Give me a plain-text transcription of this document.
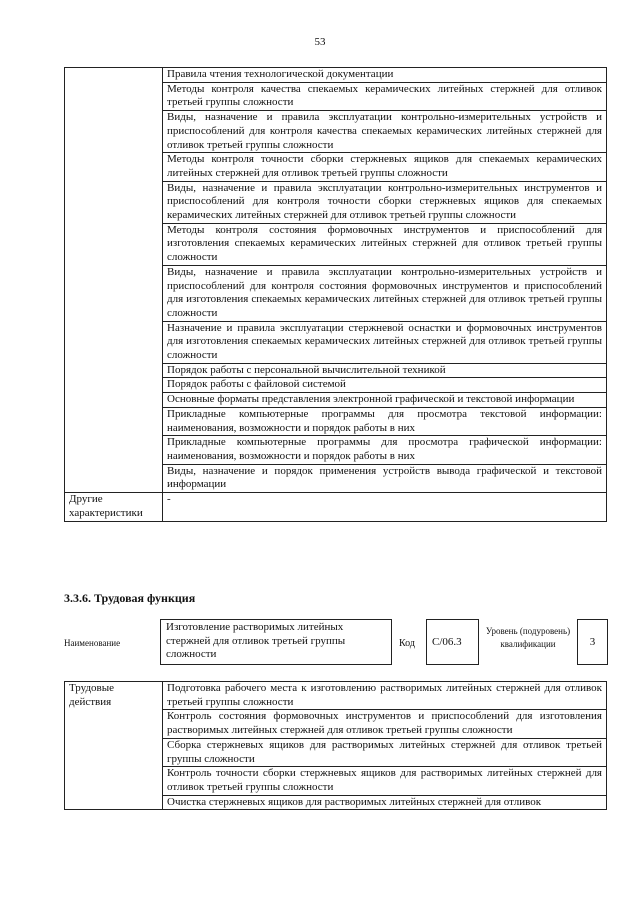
53
	Правила чтения технологической документации
	Методы контроля качества спекаемых керамических литейных стержней для отливок третьей группы сложности
	Виды, назначение и правила эксплуатации контрольно-измерительных устройств и приспособлений для контроля качества спекаемых керамических литейных стержней для отливок третьей группы сложности
	Методы контроля точности сборки стержневых ящиков для спекаемых керамических литейных стержней для отливок третьей группы сложности
	Виды, назначение и правила эксплуатации контрольно-измерительных инструментов и приспособлений для контроля точности сборки стержневых ящиков для спекаемых керамических литейных стержней для отливок третьей группы сложности
	Методы контроля состояния формовочных инструментов и приспособлений для изготовления спекаемых керамических литейных стержней для отливок третьей группы сложности
	Виды, назначение и правила эксплуатации контрольно-измерительных устройств и приспособлений для контроля состояния формовочных инструментов и приспособлений для изготовления спекаемых керамических литейных стержней для отливок третьей группы сложности
	Назначение и правила эксплуатации стержневой оснастки и формовочных инструментов для изготовления спекаемых керамических литейных стержней для отливок третьей группы сложности
	Порядок работы с персональной вычислительной техникой
	Порядок работы с файловой системой
	Основные форматы представления электронной графической и текстовой информации
	Прикладные компьютерные программы для просмотра текстовой информации: наименования, возможности и порядок работы в них
	Прикладные компьютерные программы для просмотра графической информации: наименования, возможности и порядок работы в них
	Виды, назначение и порядок применения устройств вывода графической и текстовой информации
Другие характеристики	-
3.3.6. Трудовая функция
Наименование
Изготовление растворимых литейных стержней для отливок третьей группы сложности
Код	C/06.3
Уровень (подуровень) квалификации	3
Трудовые действия	Подготовка рабочего места к изготовлению растворимых литейных стержней для отливок третьей группы сложности
Контроль состояния формовочных инструментов и приспособлений для изготовления растворимых литейных стержней для отливок третьей группы сложности
Сборка стержневых ящиков для растворимых литейных стержней для отливок третьей группы сложности
Контроль точности сборки стержневых ящиков для растворимых литейных стержней для отливок третьей группы сложности
Очистка стержневых ящиков для растворимых литейных стержней для отливок
